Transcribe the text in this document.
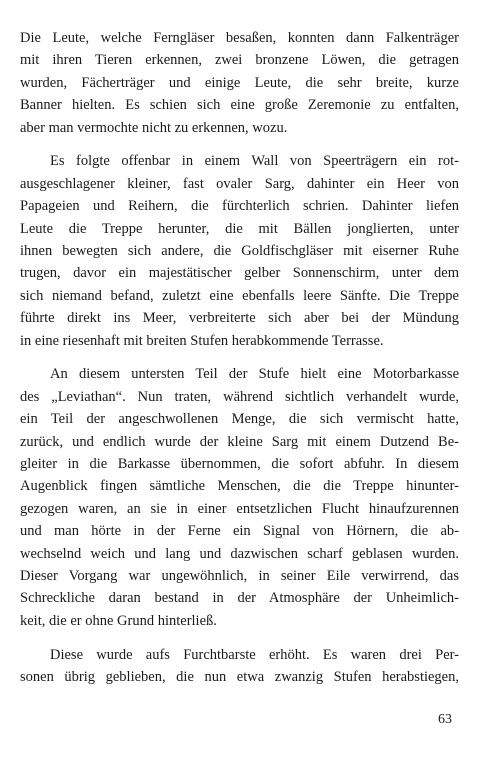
Die Leute, welche Ferngläser besaßen, konnten dann Falkenträger
mit ihren Tieren erkennen, zwei bronzene Löwen, die getragen
wurden, Fächerträger und einige Leute, die sehr breite, kurze
Banner hielten. Es schien sich eine große Zeremonie zu entfalten,
aber man vermochte nicht zu erkennen, wozu.
Es folgte offenbar in einem Wall von Speerträgern ein rot-
ausgeschlagener kleiner, fast ovaler Sarg, dahinter ein Heer von
Papageien und Reihern, die fürchterlich schrien. Dahinter liefen
Leute die Treppe herunter, die mit Bällen jonglierten, unter
ihnen bewegten sich andere, die Goldfischgläser mit eiserner Ruhe
trugen, davor ein majestätischer gelber Sonnenschirm, unter dem
sich niemand befand, zuletzt eine ebenfalls leere Sänfte. Die Treppe
führte direkt ins Meer, verbreiterte sich aber bei der Mündung
in eine riesenhaft mit breiten Stufen herabkommende Terrasse.
An diesem untersten Teil der Stufe hielt eine Motorbarkasse
des „Leviathan“. Nun traten, während sichtlich verhandelt wurde,
ein Teil der angeschwollenen Menge, die sich vermischt hatte,
zurück, und endlich wurde der kleine Sarg mit einem Dutzend Be-
gleiter in die Barkasse übernommen, die sofort abfuhr. In diesem
Augenblick fingen sämtliche Menschen, die die Treppe hinunter-
gezogen waren, an sie in einer entsetzlichen Flucht hinaufzurennen
und man hörte in der Ferne ein Signal von Hörnern, die ab-
wechselnd weich und lang und dazwischen scharf geblasen wurden.
Dieser Vorgang war ungewöhnlich, in seiner Eile verwirrend, das
Schreckliche daran bestand in der Atmosphäre der Unheimlich-
keit, die er ohne Grund hinterließ.
Diese wurde aufs Furchtbarste erhöht. Es waren drei Per-
sonen übrig geblieben, die nun etwa zwanzig Stufen herabstiegen,
63
